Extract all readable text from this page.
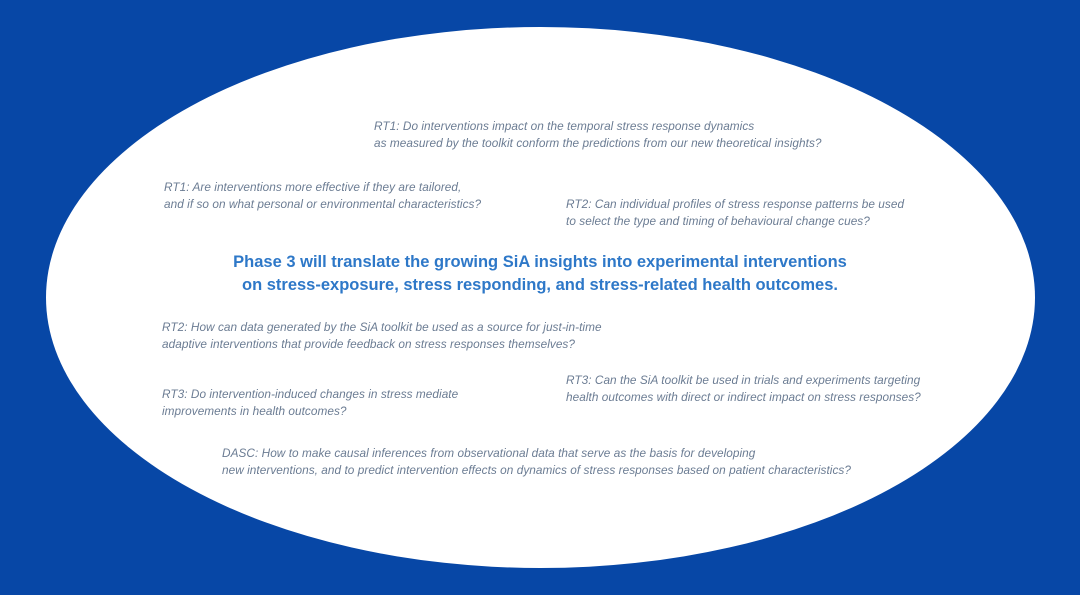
RT1: Do interventions impact on the temporal stress response dynamics
as measured by the toolkit conform the predictions from our new theoretical insights?
RT1: Are interventions more effective if they are tailored,
and if so on what personal or environmental characteristics?	RT2: Can individual profiles of stress response patterns be used
to select the type and timing of behavioural change cues?
Phase 3 will translate the growing SiA insights into experimental interventions
on stress-exposure, stress responding, and stress-related health outcomes.
RT2: How can data generated by the SiA toolkit be used as a source for just-in-time
adaptive interventions that provide feedback on stress responses themselves?
RT3: Can the SiA toolkit be used in trials and experiments targeting
health outcomes with direct or indirect impact on stress responses?
RT3: Do intervention-induced changes in stress mediate
improvements in health outcomes?
DASC: How to make causal inferences from observational data that serve as the basis for developing
new interventions, and to predict intervention effects on dynamics of stress responses based on patient characteristics?
